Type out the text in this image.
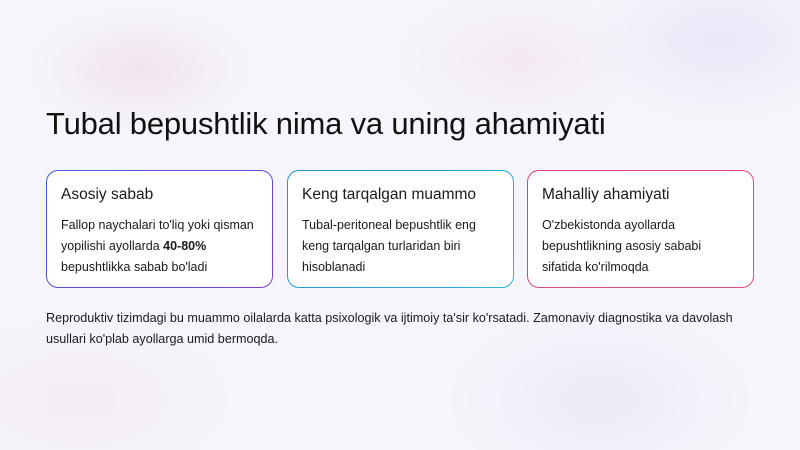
Tubal bepushtlik nima va uning ahamiyati
Asosiy sabab
Fallop naychalari to'liq yoki qisman yopilishi ayollarda 40-80% bepushtlikka sabab bo'ladi
Keng tarqalgan muammo
Tubal-peritoneal bepushtlik eng keng tarqalgan turlaridan biri hisoblanadi
Mahalliy ahamiyati
O'zbekistonda ayollarda bepushtlikning asosiy sababi sifatida ko'rilmoqda

Reproduktiv tizimdagi bu muammo oilalarda katta psixologik va ijtimoiy ta'sir ko'rsatadi. Zamonaviy diagnostika va davolash usullari ko'plab ayollarga umid bermoqda.
